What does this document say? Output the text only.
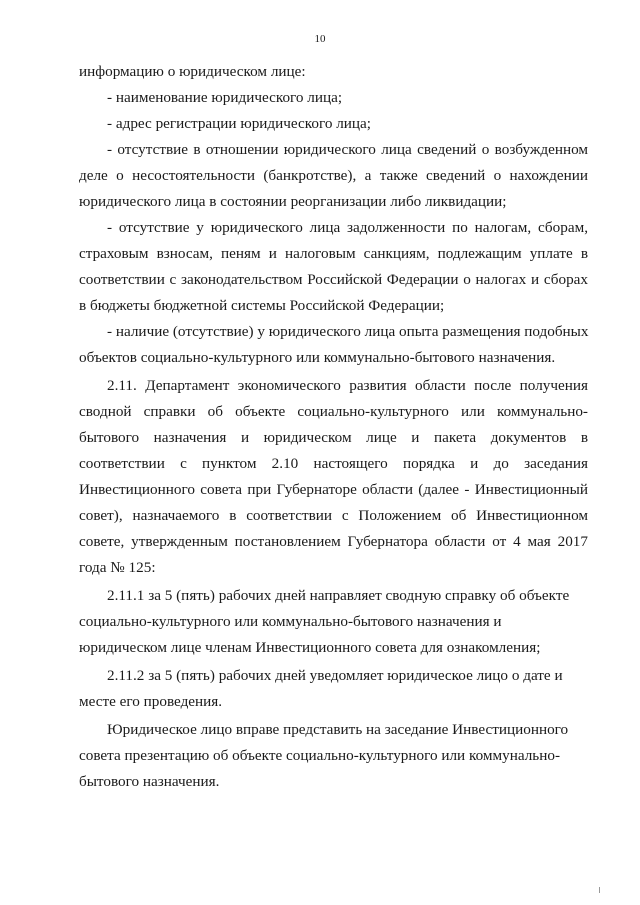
10
информацию о юридическом лице:
- наименование юридического лица;
- адрес регистрации юридического лица;
- отсутствие в отношении юридического лица сведений о возбужденном
деле о несостоятельности (банкротстве), а также сведений о нахождении
юридического лица в состоянии реорганизации либо ликвидации;
- отсутствие у юридического лица задолженности по налогам, сборам,
страховым взносам, пеням и налоговым санкциям, подлежащим уплате в
соответствии с законодательством Российской Федерации о налогах и сборах
в бюджеты бюджетной системы Российской Федерации;
- наличие (отсутствие) у юридического лица опыта размещения подобных
объектов социально-культурного или коммунально-бытового назначения.
2.11. Департамент экономического развития области после получения
сводной справки об объекте социально-культурного или коммунально-
бытового назначения и юридическом лице и пакета документов в
соответствии с пунктом 2.10 настоящего порядка и до заседания
Инвестиционного совета при Губернаторе области (далее - Инвестиционный
совет), назначаемого в соответствии с Положением об Инвестиционном
совете, утвержденным постановлением Губернатора области от 4 мая 2017
года № 125:
2.11.1 за 5 (пять) рабочих дней направляет сводную справку об объекте
социально-культурного или коммунально-бытового назначения и
юридическом лице членам Инвестиционного совета для ознакомления;
2.11.2 за 5 (пять) рабочих дней уведомляет юридическое лицо о дате и
месте его проведения.
Юридическое лицо вправе представить на заседание Инвестиционного
совета презентацию об объекте социально-культурного или коммунально-
бытового назначения.
